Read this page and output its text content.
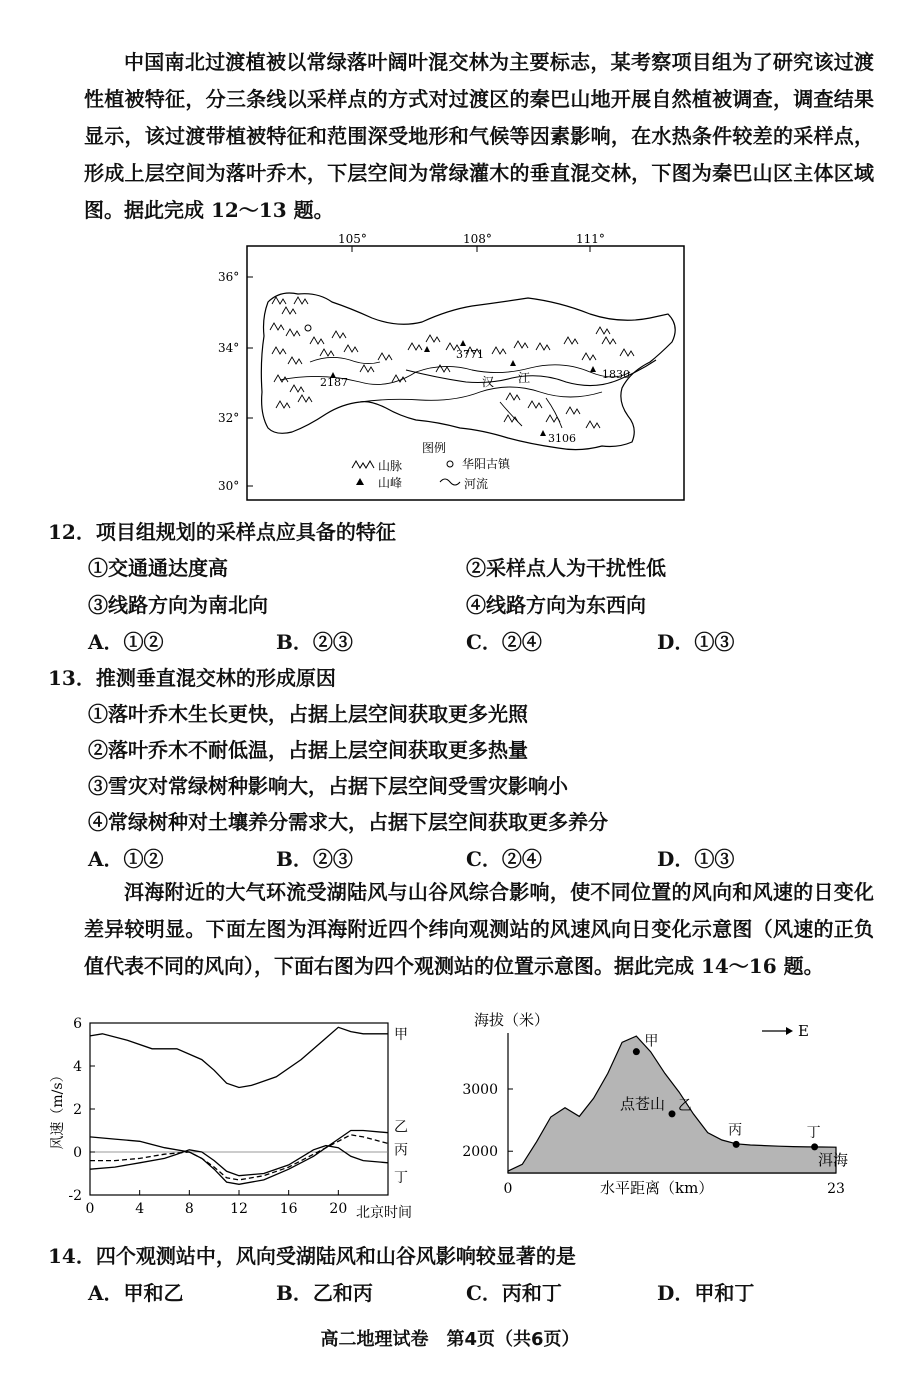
中国南北过渡植被以常绿落叶阔叶混交林为主要标志，某考察项目组为了研究该过渡性植被特征，分三条线以采样点的方式对过渡区的秦巴山地开展自然植被调查，调查结果显示，该过渡带植被特征和范围深受地形和气候等因素影响，在水热条件较差的采样点，形成上层空间为落叶乔木，下层空间为常绿灌木的垂直混交林，下图为秦巴山区主体区域图。据此完成 12～13 题。
105°	108°	111°
36°
34°
32°
30°
3771
2187
1830
3106
汉 江
图例
山脉
山峰
华阳古镇
河流
12．项目组规划的采样点应具备的特征
①交通通达度高	②采样点人为干扰性低
③线路方向为南北向	④线路方向为东西向
A．①②	B．②③	C．②④	D．①③
13．推测垂直混交林的形成原因
①落叶乔木生长更快，占据上层空间获取更多光照
②落叶乔木不耐低温，占据上层空间获取更多热量
③雪灾对常绿树种影响大，占据下层空间受雪灾影响小
④常绿树种对土壤养分需求大，占据下层空间获取更多养分
A．①②	B．②③	C．②④	D．①③
洱海附近的大气环流受湖陆风与山谷风综合影响，使不同位置的风向和风速的日变化差异较明显。下面左图为洱海附近四个纬向观测站的风速风向日变化示意图（风速的正负值代表不同的风向），下面右图为四个观测站的位置示意图。据此完成 14～16 题。
6
4
2
0
-2
0	4	8	12 16 20
甲
乙
丙
丁
风速（m/s）
北京时间
3000
2000
0	23
甲
乙
丙	丁
海拔（米）
水平距离（km）
点苍山
洱海
E
14．四个观测站中，风向受湖陆风和山谷风影响较显著的是
A．甲和乙	B．乙和丙	C．丙和丁	D．甲和丁
高二地理试卷　第4页（共6页）
